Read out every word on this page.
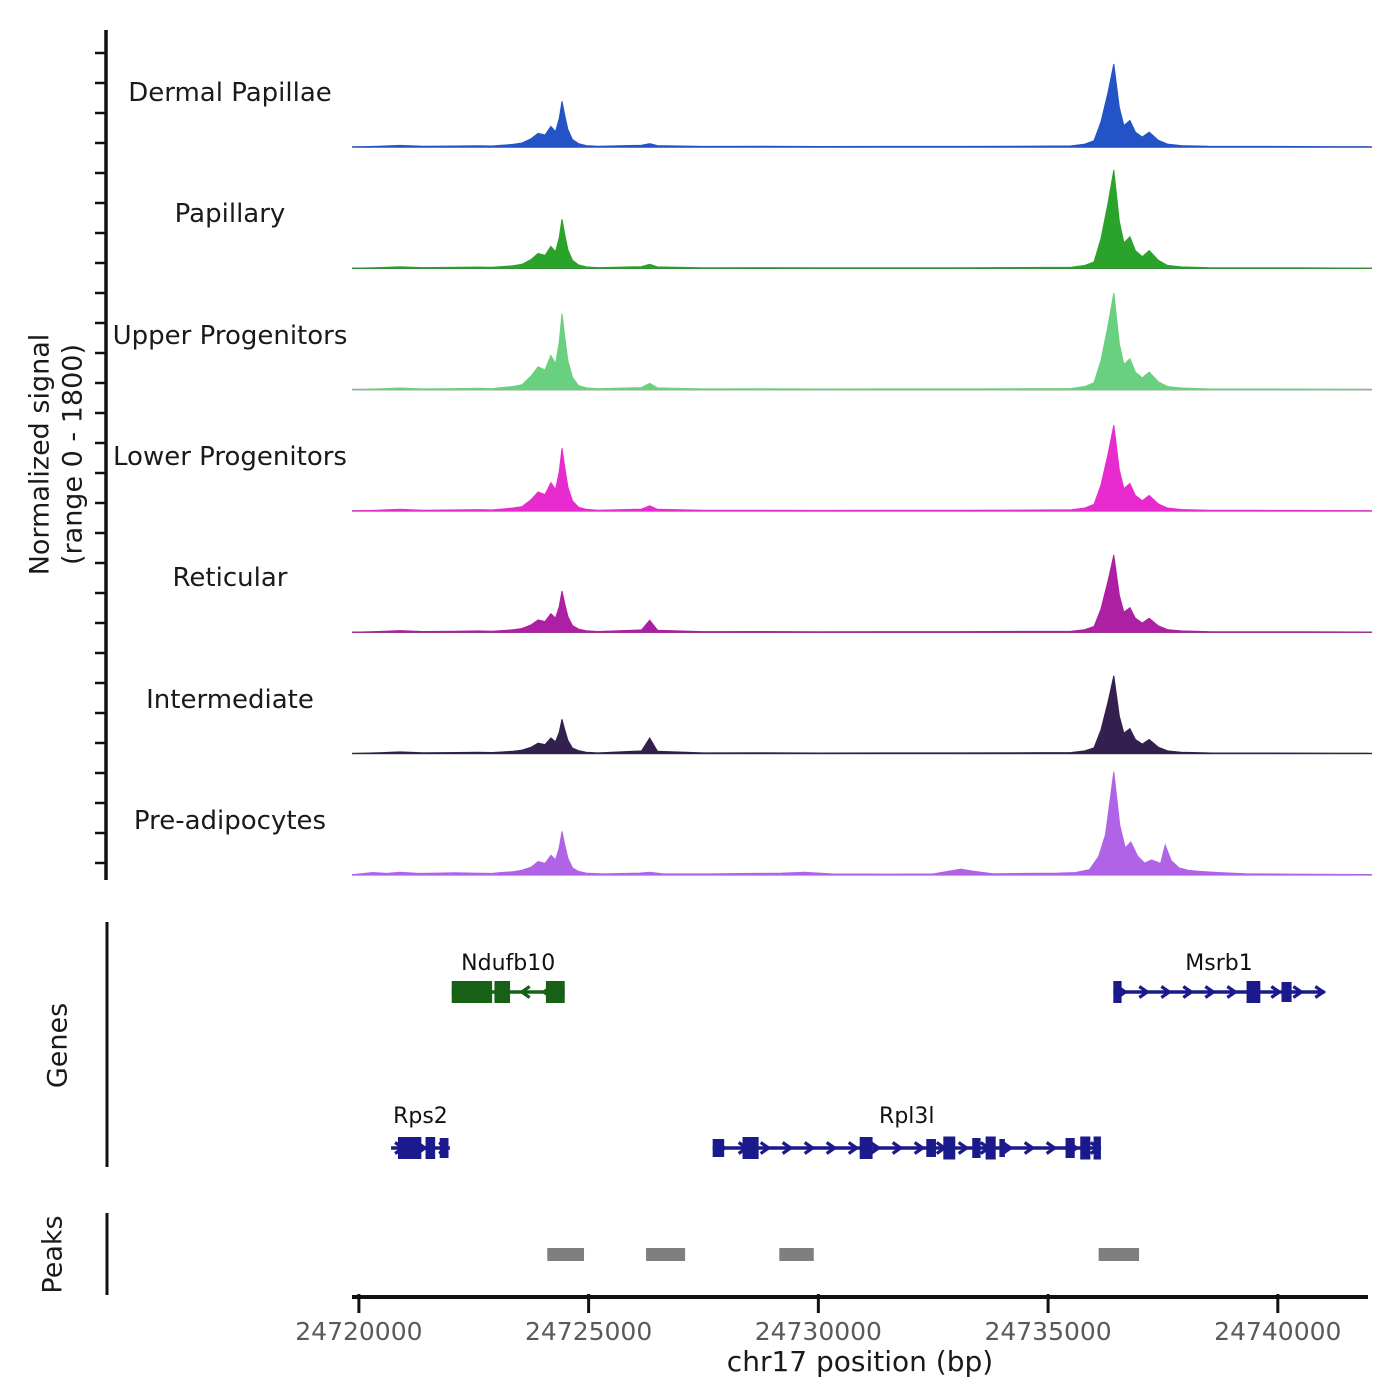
Normalized signal (range 0 - 1800)
Genes
Peaks
Dermal Papillae
Papillary
Upper Progenitors
Lower Progenitors
Reticular
Intermediate
Pre-adipocytes
chr17 position (bp)
Ndufb10	Msrb1
Rps2	Rpl3l
24720000	24725000	24730000	24735000	24740000
